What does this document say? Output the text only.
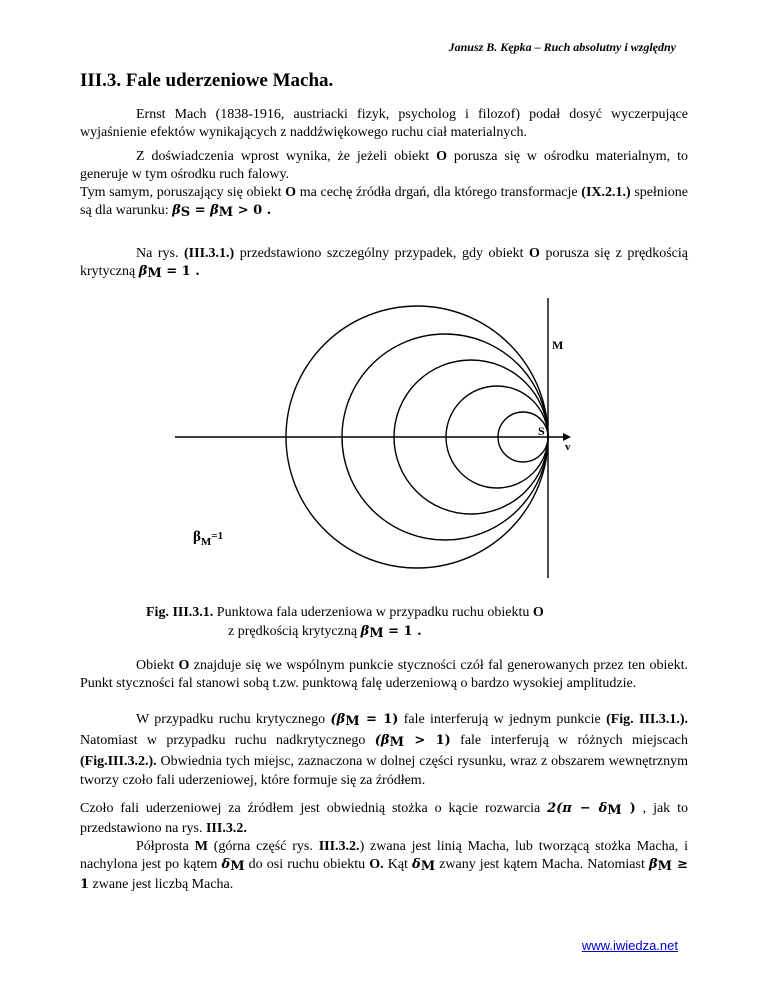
Janusz B. Kępka – Ruch absolutny i względny
III.3. Fale uderzeniowe Macha.
Ernst Mach (1838-1916, austriacki fizyk, psycholog i filozof) podał dosyć wyczerpujące wyjaśnienie efektów wynikających z naddźwiękowego ruchu ciał materialnych.
Z doświadczenia wprost wynika, że jeżeli obiekt O porusza się w ośrodku materialnym, to generuje w tym ośrodku ruch falowy.
Tym samym, poruszający się obiekt O ma cechę źródła drgań, dla którego transformacje (IX.2.1.) spełnione są dla warunku: $\beta_S = \beta_M > 0$ .
Na rys. (III.3.1.) przedstawiono szczególny przypadek, gdy obiekt O porusza się z prędkością krytyczną $\beta_M = 1$ .
M
S
v
$\beta_M^{=1}$
Fig. III.3.1. Punktowa fala uderzeniowa w przypadku ruchu obiektu O
z prędkością krytyczną $\beta_M = 1$ .
Obiekt O znajduje się we wspólnym punkcie styczności czół fal generowanych przez ten obiekt. Punkt styczności fal stanowi sobą t.zw. punktową falę uderzeniową o bardzo wysokiej amplitudzie.
W przypadku ruchu krytycznego $(\beta_M = 1)$ fale interferują w jednym punkcie (Fig. III.3.1.). Natomiast w przypadku ruchu nadkrytycznego $(\beta_M > 1)$ fale interferują w różnych miejscach (Fig.III.3.2.). Obwiednia tych miejsc, zaznaczona w dolnej części rysunku, wraz z obszarem wewnętrznym tworzy czoło fali uderzeniowej, które formuje się za źródłem.
Czoło fali uderzeniowej za źródłem jest obwiednią stożka o kącie rozwarcia $2(\pi - \delta_M$ ) , jak to przedstawiono na rys. III.3.2.
Półprosta M (górna część rys. III.3.2.) zwana jest linią Macha, lub tworzącą stożka Macha, i nachylona jest po kątem $\delta_M$ do osi ruchu obiektu O. Kąt $\delta_M$ zwany jest kątem Macha. Natomiast $\beta_M \ge 1$ zwane jest liczbą Macha.
www.iwiedza.net
